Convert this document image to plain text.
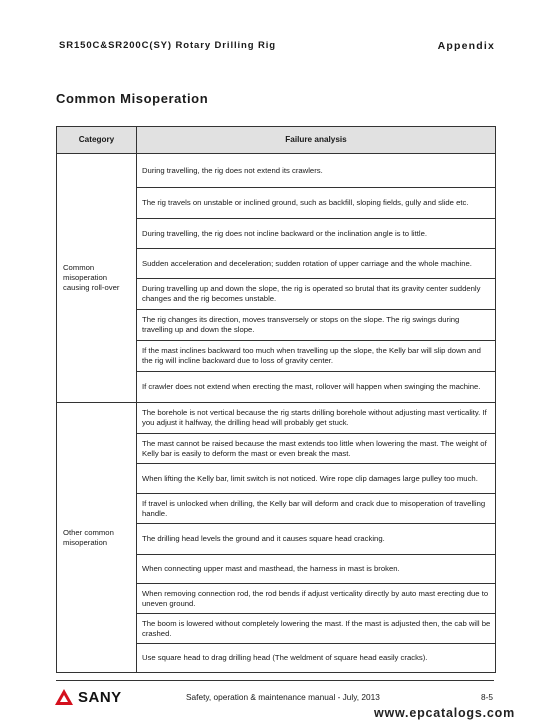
SR150C&SR200C(SY) Rotary Drilling Rig	Appendix
Common Misoperation
Category	Failure analysis

Common misoperation causing roll-over	During travelling, the rig does not extend its crawlers.
	The rig travels on unstable or inclined ground, such as backfill, sloping fields, gully and slide etc.
	During travelling, the rig does not incline backward or the inclination angle is to little.
	Sudden acceleration and deceleration; sudden rotation of upper carriage and the whole machine.
	During travelling up and down the slope, the rig is operated so brutal that its gravity center suddenly changes and the rig becomes unstable.
	The rig changes its direction, moves transversely or stops on the slope. The rig swings during travelling up and down the slope.
	If the mast inclines backward too much when travelling up the slope, the Kelly bar will slip down and the rig will incline backward due to loss of gravity center.
	If crawler does not extend when erecting the mast, rollover will happen when swinging the machine.

Other common misoperation	The borehole is not vertical because the rig starts drilling borehole without adjusting mast verticality. If you adjust it halfway, the drilling head will probably get stuck.
	The mast cannot be raised because the mast extends too little when lowering the mast. The weight of Kelly bar is easily to deform the mast or even break the mast.
	When lifting the Kelly bar, limit switch is not noticed. Wire rope clip damages large pulley too much.
	If travel is unlocked when drilling, the Kelly bar will deform and crack due to misoperation of travelling handle.
	The drilling head levels the ground and it causes square head cracking.
	When connecting upper mast and masthead, the harness in mast is broken.
	When removing connection rod, the rod bends if adjust verticality directly by auto mast erecting due to uneven ground.
	The boom is lowered without completely lowering the mast. If the mast is adjusted then, the cab will be crashed.
	Use square head to drag drilling head (The weldment of square head easily cracks).
SANY	Safety, operation & maintenance manual - July, 2013	8-5
www.epcatalogs.com
